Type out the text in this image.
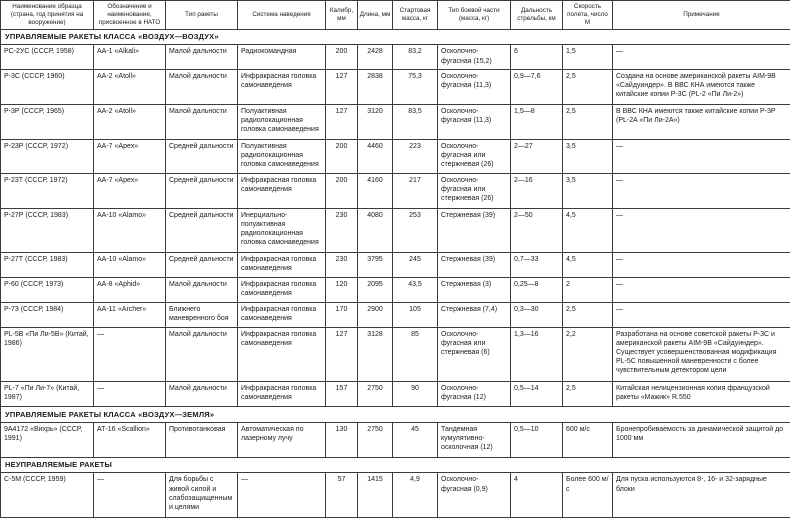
Наименование образца (страна, год принятия на вооружение)	Обозначение и наименование, присвоенное в НАТО	Тип ракеты	Система наведения	Калибр, мм	Длина, мм	Стартовая масса, кг	Тип боевой части (масса, кг)	Дальность стрельбы, км	Скорость полета, число М	Примечание
УПРАВЛЯЕМЫЕ РАКЕТЫ КЛАССА «ВОЗДУХ—ВОЗДУХ»										
РС-2УС (СССР, 1958)	АА-1 «Alkali»	Малой дальности	Радиокомандная	200	2428	83,2	Осколочно-фугасная (15,2)	6	1,5	—
Р-3С (СССР, 1960)	АА-2 «Atoll»	Малой дальности	Инфракрасная головка самонаведения	127	2838	75,3	Осколочно-фугасная (11,3)	0,9—7,6	2,5	Создана на основе американской ракеты AIM-9В «Сайдуиндер». В ВВС КНА имеются также китайские копии Р-3С (PL-2 «Пи Ли-2»)
Р-3Р (СССР, 1965)	АА-2 «Atoll»	Малой дальности	Полуактивная радиолокационная головка самонаведения	127	3120	83,5	Осколочно-фугасная (11,3)	1,5—8	2,5	В ВВС КНА имеются также китайские копии Р-3Р (PL-2A «Пи Ли-2А»)
Р-23Р (СССР, 1972)	АА-7 «Apex»	Средней дальности	Полуактивная радиолокационная головка самонаведения	200	4460	223	Осколочно-фугасная или стержневая (26)	2—27	3,5	—
Р-23Т (СССР, 1972)	АА-7 «Apex»	Средней дальности	Инфракрасная головка самонаведения	200	4160	217	Осколочно-фугасная или стержневая (26)	2—16	3,5	—
Р-27Р (СССР, 1983)	АА-10 «Alamo»	Средней дальности	Инерциально-полуактивная радиолокационная головка самонаведения	230	4080	253	Стержневая (39)	2—50	4,5	—
Р-27Т (СССР, 1983)	АА-10 «Alamo»	Средней дальности	Инфракрасная головка самонаведения	230	3795	245	Стержневая (39)	0,7—33	4,5	—
Р-60 (СССР, 1973)	АА-8 «Aphid»	Малой дальности	Инфракрасная головка самонаведения	120	2095	43,5	Стержневая (3)	0,25—8	2	—
Р-73 (СССР, 1984)	АА-11 «Archer»	Ближнего маневренного боя	Инфракрасная головка самонаведения	170	2900	105	Стержневая (7,4)	0,3—30	2,5	—
PL-5B «Пи Ли-5В» (Китай, 1986)	—	Малой дальности	Инфракрасная головка самонаведения	127	3128	85	Осколочно-фугасная или стержневая (6)	1,3—16	2,2	Разработана на основе советской ракеты Р-3С и американской ракеты AIM-9В «Сайдуиндер». Существует усовершенствованная модификация PL-5С повышенной маневренности с более чувствительным детектором цели
PL-7 «Пи Ли-7» (Китай, 1987)	—	Малой дальности	Инфракрасная головка самонаведения	157	2750	90	Осколочно-фугасная (12)	0,5—14	2,5	Китайская нелицензионная копия французской ракеты «Мажик» R.550
УПРАВЛЯЕМЫЕ РАКЕТЫ КЛАССА «ВОЗДУХ—ЗЕМЛЯ»										
9А4172 «Вихрь» (СССР, 1991)	АТ-16 «Scallion»	Противотанковая	Автоматическая по лазерному лучу	130	2750	45	Тандемная кумулятивно-осколочная (12)	0,5—10	600 м/с	Бронепробиваемость за динамической защитой до 1000 мм
НЕУПРАВЛЯЕМЫЕ РАКЕТЫ										
С-5М (СССР, 1959)	—	Для борьбы с живой силой и слабозащищенными целями	—	57	1415	4,9	Осколочно-фугасная (0,9)	4	Более 600 м/с	Для пуска используются 8-, 16- и 32-зарядные блоки
